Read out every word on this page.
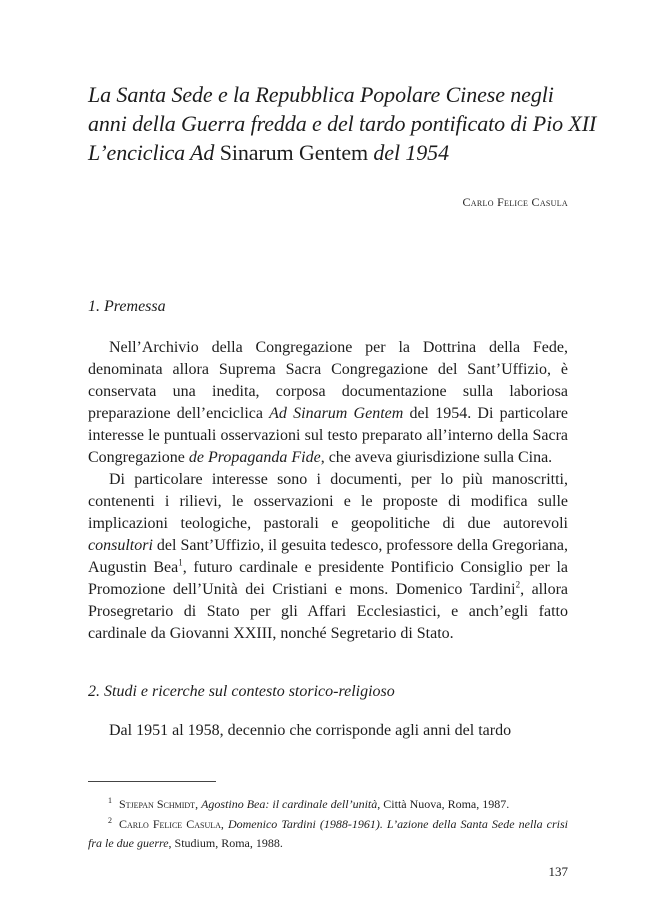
La Santa Sede e la Repubblica Popolare Cinese negli
anni della Guerra fredda e del tardo pontificato di Pio XII
L’enciclica Ad Sinarum Gentem del 1954
Carlo Felice Casula
1. Premessa

Nell’Archivio della Congregazione per la Dottrina della Fede, denominata allora Suprema Sacra Congregazione del Sant’Uffizio, è conservata una inedita, corposa documentazione sulla laboriosa preparazione dell’enciclica Ad Sinarum Gentem del 1954. Di particolare interesse le puntuali osservazioni sul testo preparato all’interno della Sacra Congregazione de Propaganda Fide, che aveva giurisdizione sulla Cina.

Di particolare interesse sono i documenti, per lo più manoscritti, contenenti i rilievi, le osservazioni e le proposte di modifica sulle implicazioni teologiche, pastorali e geopolitiche di due autorevoli consultori del Sant’Uffizio, il gesuita tedesco, professore della Gregoriana, Augustin Bea$^1$, futuro cardinale e presidente Pontificio Consiglio per la Promozione dell’Unità dei Cristiani e mons. Domenico Tardini$^2$, allora Prosegretario di Stato per gli Affari Ecclesiastici, e anch’egli fatto cardinale da Giovanni XXIII, nonché Segretario di Stato.

2. Studi e ricerche sul contesto storico-religioso

Dal 1951 al 1958, decennio che corrisponde agli anni del tardo

$^1$ Stjepan Schmidt, Agostino Bea: il cardinale dell’unità, Città Nuova, Roma, 1987.

$^2$ Carlo Felice Casula, Domenico Tardini (1988-1961). L’azione della Santa Sede nella crisi fra le due guerre, Studium, Roma, 1988.

137
